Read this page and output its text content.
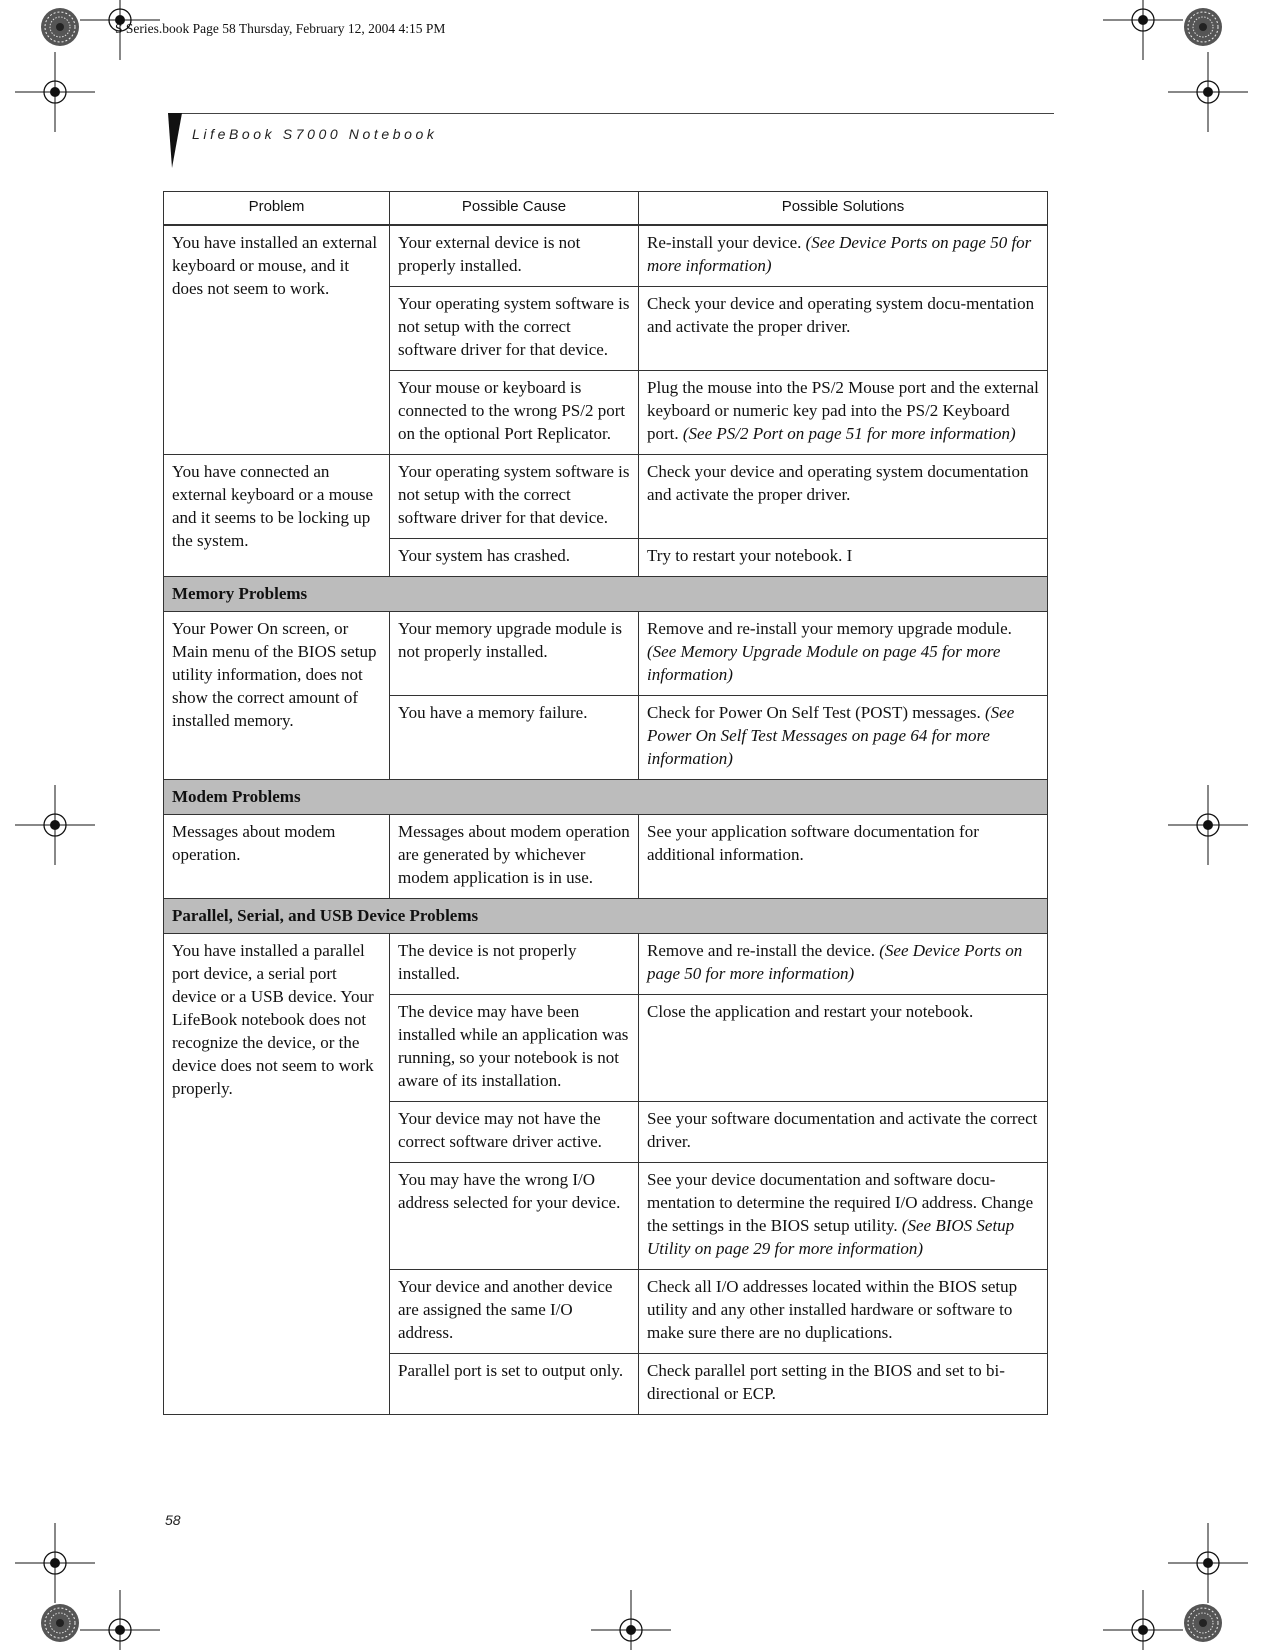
S Series.book Page 58 Thursday, February 12, 2004 4:15 PM
LifeBook S7000 Notebook
Problem	Possible Cause	Possible Solutions

You have installed an external keyboard or mouse, and it does not seem to work.	Your external device is not properly installed.	Re-install your device. (See Device Ports on page 50 for more information)
	Your operating system software is not setup with the correct software driver for that device.	Check your device and operating system docu-mentation and activate the proper driver.
	Your mouse or keyboard is connected to the wrong PS/2 port on the optional Port Replicator.	Plug the mouse into the PS/2 Mouse port and the external keyboard or numeric key pad into the PS/2 Keyboard port. (See PS/2 Port on page 51 for more information)
You have connected an external keyboard or a mouse and it seems to be locking up the system.	Your operating system software is not setup with the correct software driver for that device.	Check your device and operating system documentation and activate the proper driver.
	Your system has crashed.	Try to restart your notebook. I
Memory Problems		
Your Power On screen, or Main menu of the BIOS setup utility information, does not show the correct amount of installed memory.	Your memory upgrade module is not properly installed.	Remove and re-install your memory upgrade module. (See Memory Upgrade Module on page 45 for more information)
	You have a memory failure.	Check for Power On Self Test (POST) messages. (See Power On Self Test Messages on page 64 for more information)
Modem Problems		
Messages about modem operation.	Messages about modem operation are generated by whichever modem application is in use.	See your application software documentation for additional information.
Parallel, Serial, and USB Device Problems		
You have installed a parallel port device, a serial port device or a USB device. Your LifeBook notebook does not recognize the device, or the device does not seem to work properly.	The device is not properly installed.	Remove and re-install the device. (See Device Ports on page 50 for more information)
	The device may have been installed while an application was running, so your notebook is not aware of its installation.	Close the application and restart your notebook.
	Your device may not have the correct software driver active.	See your software documentation and activate the correct driver.
	You may have the wrong I/O address selected for your device.	See your device documentation and software docu-mentation to determine the required I/O address. Change the settings in the BIOS setup utility. (See BIOS Setup Utility on page 29 for more information)
	Your device and another device are assigned the same I/O address.	Check all I/O addresses located within the BIOS setup utility and any other installed hardware or software to make sure there are no duplications.
	Parallel port is set to output only.	Check parallel port setting in the BIOS and set to bi-directional or ECP.
58
